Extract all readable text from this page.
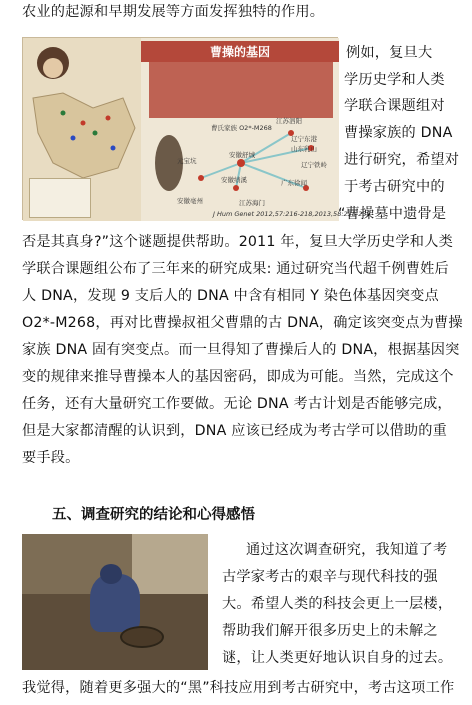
农业的起源和早期发展等方面发挥独特的作用。
曹操的基因
曹氏家族 O2*-M268
江苏泗阳
辽宁东港
山东乳山
安徽舒城
辽宁铁岭
安徽绩溪	广东徐闻
元宝坑
安徽亳州	江苏海门
J Hum Genet 2012,57:216-218,2013,58:238-239
例如，复旦大
学历史学和人类
学联合课题组对
曹操家族的 DNA
进行研究，希望对
于考古研究中的
“曹操墓中遗骨是
否是其真身?”这个谜题提供帮助。2011 年，复旦大学历史学和人类
学联合课题组公布了三年来的研究成果: 通过研究当代超千例曹姓后
人 DNA，发现 9 支后人的 DNA 中含有相同 Y 染色体基因突变点
O2*-M268，再对比曹操叔祖父曹鼎的古 DNA，确定该突变点为曹操
家族 DNA 固有突变点。而一旦得知了曹操后人的 DNA，根据基因突
变的规律来推导曹操本人的基因密码，即成为可能。当然，完成这个
任务，还有大量研究工作要做。无论 DNA 考古计划是否能够完成，
但是大家都清醒的认识到，DNA 应该已经成为考古学可以借助的重
要手段。
五、调查研究的结论和心得感悟
通过这次调查研究，我知道了考
古学家考古的艰辛与现代科技的强
大。希望人类的科技会更上一层楼，
帮助我们解开很多历史上的未解之
谜，让人类更好地认识自身的过去。
我觉得，随着更多强大的“黑”科技应用到考古研究中，考古这项工作
